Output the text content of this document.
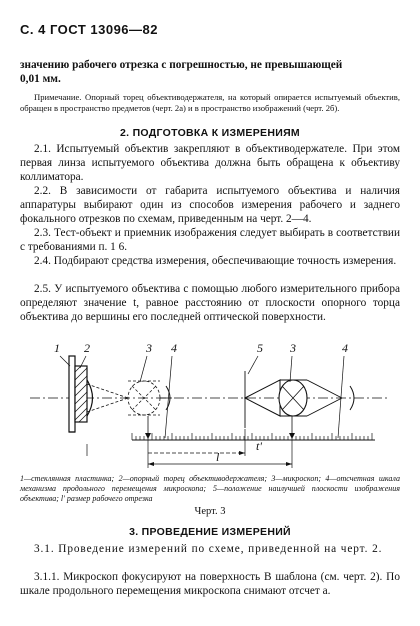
С. 4 ГОСТ 13096—82
значению рабочего отрезка с погрешностью, не превышающей
0,01 мм.
Примечание. Опорный торец объективодержателя, на который опирается испытуемый объектив, обращен в пространство предметов (черт. 2а) и в пространство изображений (черт. 2б).
2. ПОДГОТОВКА К ИЗМЕРЕНИЯМ
2.1. Испытуемый объектив закрепляют в объективодержателе. При этом первая линза испытуемого объектива должна быть обращена к объективу коллиматора.
2.2. В зависимости от габарита испытуемого объектива и наличия аппаратуры выбирают один из способов измерения рабочего и заднего фокального отрезков по схемам, приведенным на черт. 2—4.
2.3. Тест-объект и приемник изображения следует выбирать в соответствии с требованиями п. 1 6.
2.4. Подбирают средства измерения, обеспечивающие точность измерения.
2.5. У испытуемого объектива с помощью любого измерительного прибора определяют значение t, равное расстоянию от плоскости опорного торца объектива до вершины его последней оптической поверхности.
1 2	3 4	5 3	4
t'
l
1—стеклянная пластинка; 2—опорный торец объективодержателя; 3—микроскоп; 4—отсчетная шкала механизма продольного перемещения микроскопа; 5—положение наилучшей плоскости изображения объектива; l' размер рабочего отрезка
Черт. 3
3. ПРОВЕДЕНИЕ ИЗМЕРЕНИЙ
3.1. Проведение измерений по схеме, приведенной на черт. 2.
3.1.1. Микроскоп фокусируют на поверхность В шаблона (см. черт. 2). По шкале продольного перемещения микроскопа снимают отсчет а.
